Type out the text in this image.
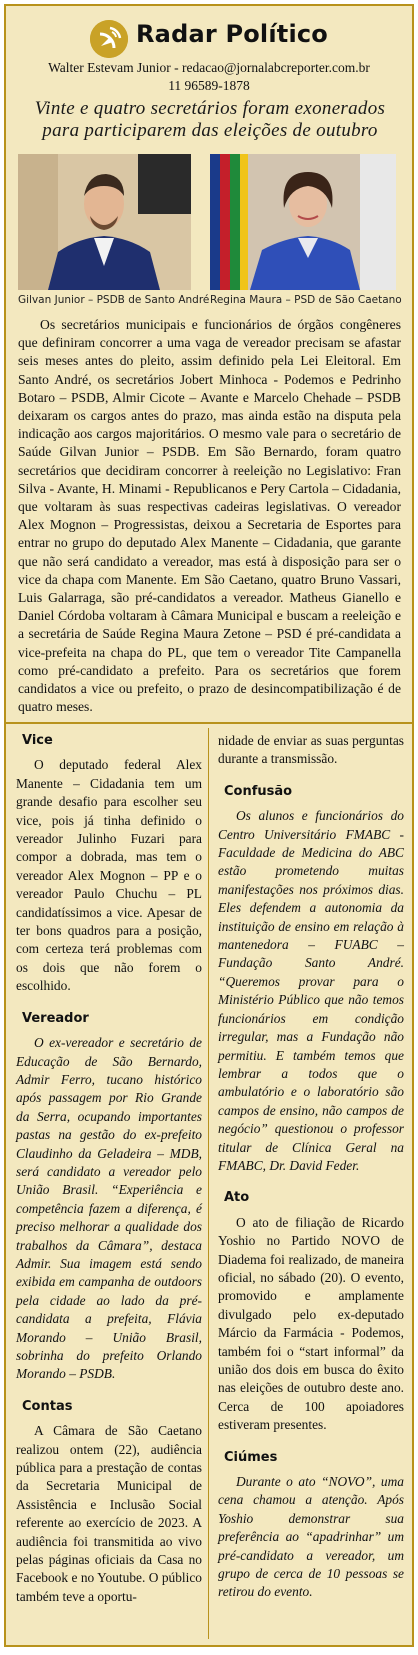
Radar Político
Walter Estevam Junior - redacao@jornalabcreporter.com.br
11 96589-1878
Vinte e quatro secretários foram exonerados para participarem das eleições de outubro
Gilvan Junior – PSDB de Santo André Regina Maura – PSD de São Caetano

Os secretários municipais e funcionários de órgãos congêneres que definiram concorrer a uma vaga de vereador precisam se afastar seis meses antes do pleito, assim definido pela Lei Eleitoral. Em Santo André, os secretários Jobert Minhoca - Podemos e Pedrinho Botaro – PSDB, Almir Cicote – Avante e Marcelo Chehade – PSDB deixaram os cargos antes do prazo, mas ainda estão na disputa pela indicação aos cargos majoritários. O mesmo vale para o secretário de Saúde Gilvan Junior – PSDB. Em São Bernardo, foram quatro secretários que decidiram concorrer à reeleição no Legislativo: Fran Silva - Avante, H. Minami - Republicanos e Pery Cartola – Cidadania, que voltaram às suas respectivas cadeiras legislativas. O vereador Alex Mognon – Progressistas, deixou a Secretaria de Esportes para entrar no grupo do deputado Alex Manente – Cidadania, que garante que não será candidato a vereador, mas está à disposição para ser o vice da chapa com Manente. Em São Caetano, quatro Bruno Vassari, Luis Galarraga, são pré-candidatos a vereador. Matheus Gianello e Daniel Córdoba voltaram à Câmara Municipal e buscam a reeleição e a secretária de Saúde Regina Maura Zetone – PSD é pré-candidata a vice-prefeita na chapa do PL, que tem o vereador Tite Campanella como pré-candidato a prefeito. Para os secretários que forem candidatos a vice ou prefeito, o prazo de desincompatibilização é de quatro meses.

Vice

O deputado federal Alex Manente – Cidadania tem um grande desafio para escolher seu vice, pois já tinha definido o vereador Julinho Fuzari para compor a dobrada, mas tem o vereador Alex Mognon – PP e o vereador Paulo Chuchu – PL candidatíssimos a vice. Apesar de ter bons quadros para a posição, com certeza terá problemas com os dois que não forem o escolhido.

Vereador

O ex-vereador e secretário de Educação de São Bernardo, Admir Ferro, tucano histórico após passagem por Rio Grande da Serra, ocupando importantes pastas na gestão do ex-prefeito Claudinho da Geladeira – MDB, será candidato a vereador pelo União Brasil. “Experiência e competência fazem a diferença, é preciso melhorar a qualidade dos trabalhos da Câmara”, destaca Admir. Sua imagem está sendo exibida em campanha de outdoors pela cidade ao lado da pré-candidata a prefeita, Flávia Morando – União Brasil, sobrinha do prefeito Orlando Morando – PSDB.

Contas

A Câmara de São Caetano realizou ontem (22), audiência pública para a prestação de contas da Secretaria Municipal de Assistência e Inclusão Social referente ao exercício de 2023. A audiência foi transmitida ao vivo pelas páginas oficiais da Casa no Facebook e no Youtube. O público também teve a oportu-

nidade de enviar as suas perguntas durante a transmissão.

Confusão

Os alunos e funcionários do Centro Universitário FMABC - Faculdade de Medicina do ABC estão prometendo muitas manifestações nos próximos dias. Eles defendem a autonomia da instituição de ensino em relação à mantenedora – FUABC – Fundação Santo André. “Queremos provar para o Ministério Público que não temos funcionários em condição irregular, mas a Fundação não permitiu. E também temos que lembrar a todos que o ambulatório e o laboratório são campos de ensino, não campos de negócio” questionou o professor titular de Clínica Geral na FMABC, Dr. David Feder.

Ato

O ato de filiação de Ricardo Yoshio no Partido NOVO de Diadema foi realizado, de maneira oficial, no sábado (20). O evento, promovido e amplamente divulgado pelo ex-deputado Márcio da Farmácia - Podemos, também foi o “start informal” da união dos dois em busca do êxito nas eleições de outubro deste ano. Cerca de 100 apoiadores estiveram presentes.

Ciúmes

Durante o ato “NOVO”, uma cena chamou a atenção. Após Yoshio demonstrar sua preferência ao “apadrinhar” um pré-candidato a vereador, um grupo de cerca de 10 pessoas se retirou do evento.
